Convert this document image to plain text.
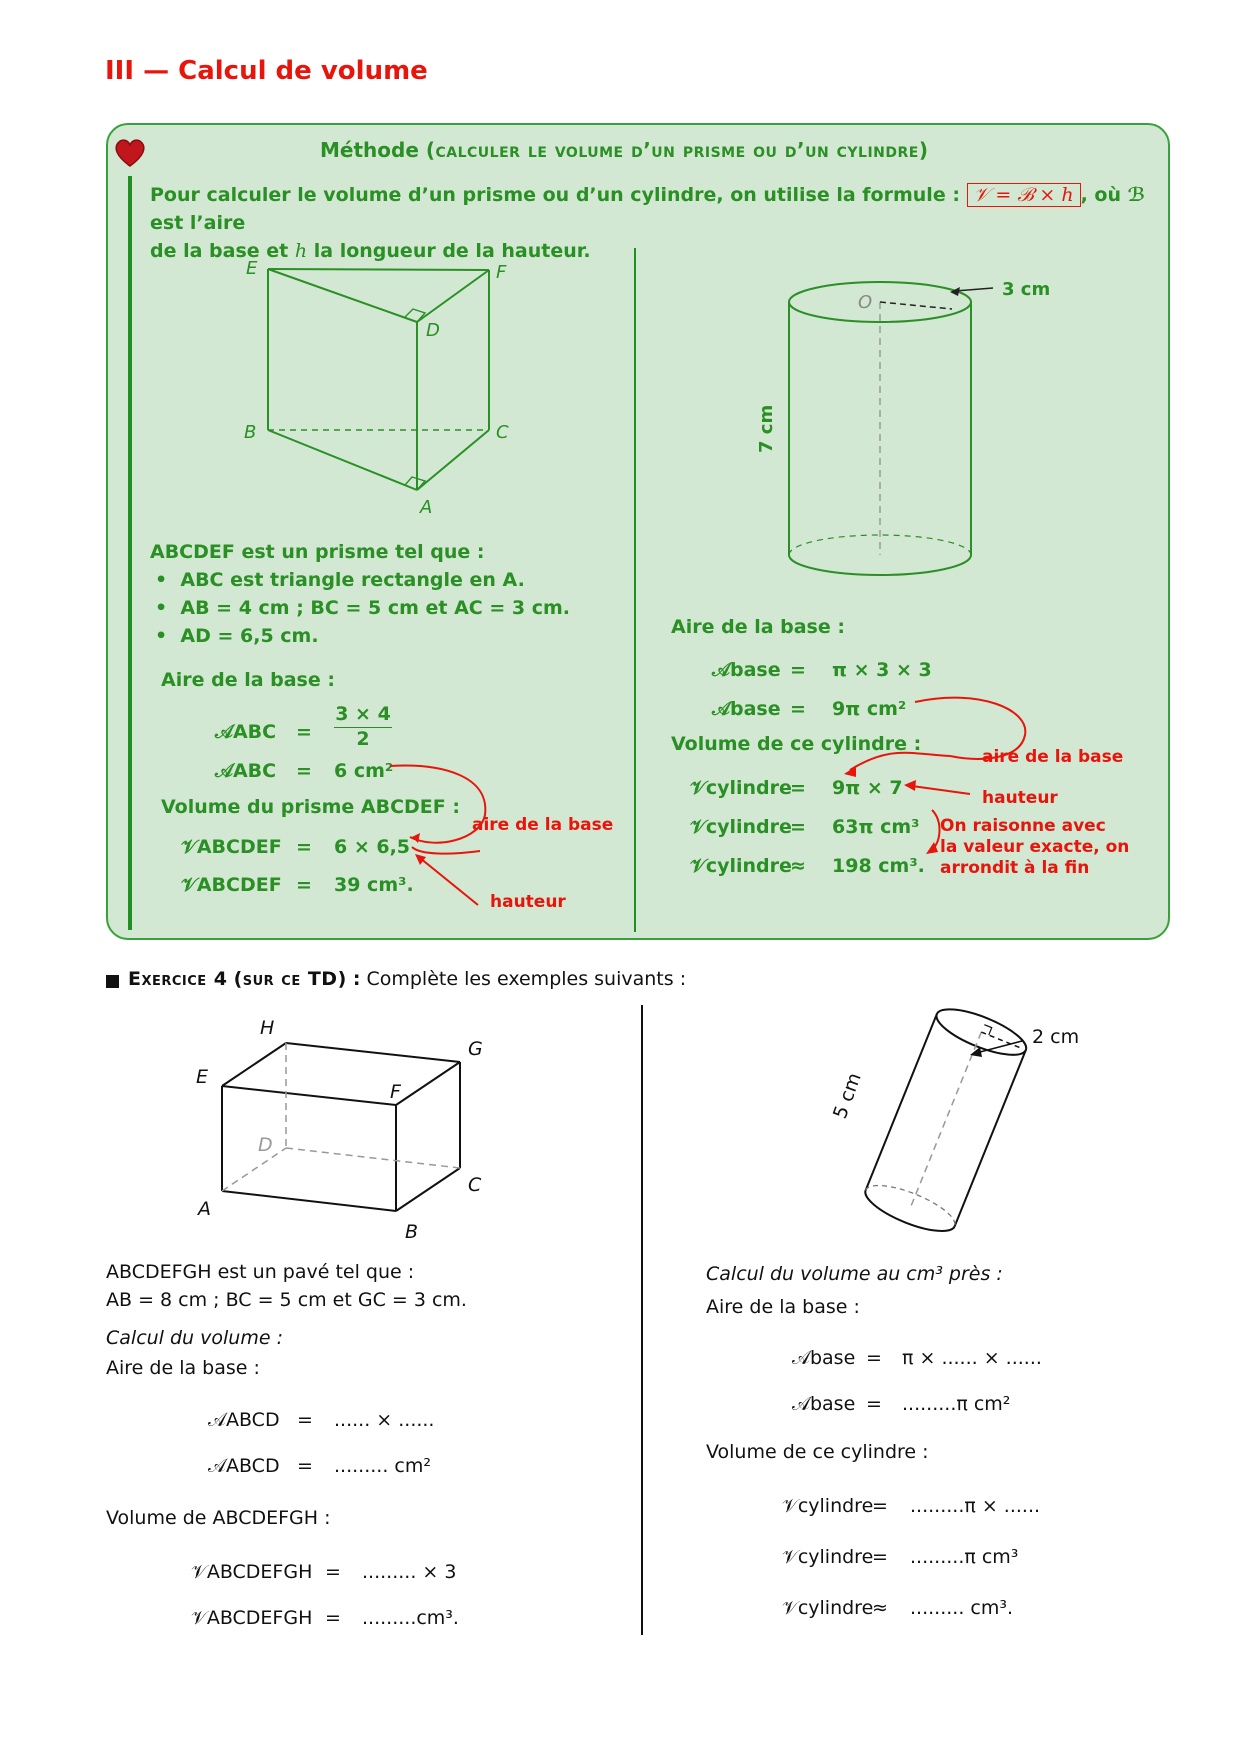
III — Calcul de volume
Méthode (calculer le volume d’un prisme ou d’un cylindre)
Pour calculer le volume d’un prisme ou d’un cylindre, on utilise la formule : 𝒱 = ℬ × h , où ℬ est l’aire
de la base et h la longueur de la hauteur.
E	F
D
B	C
A
ABCDEF est un prisme tel que :
•  ABC est triangle rectangle en A.
•  AB = 4 cm ; BC = 5 cm et AC = 3 cm.
•  AD = 6,5 cm.
Aire de la base :
𝒜ABC = $\frac{3 \times 4}{2}$
𝒜ABC = 6 cm²
Volume du prisme ABCDEF :
𝒱ABCDEF = 6 × 6,5
𝒱ABCDEF = 39 cm³.
aire de la base
hauteur
O
3 cm
7 cm
Aire de la base :
𝒜base = π × 3 × 3
𝒜base = 9π cm²
Volume de ce cylindre :
𝒱cylindre
= 9π × 7
𝒱cylindre
= 63π cm³
𝒱cylindre
≈ 198 cm³.
aire de la base
hauteur
On raisonne avec
la valeur exacte, on
arrondit à la fin
Exercice 4 (sur ce TD) : Complète les exemples suivants :
H
G
E
F
D
C
A
B
ABCDEFGH est un pavé tel que :
AB = 8 cm ; BC = 5 cm et GC = 3 cm.
Calcul du volume :
Aire de la base :
𝒜ABCD = ...... × ......
𝒜ABCD = ......... cm²
Volume de ABCDEFGH :
𝒱ABCDEFGH = ......... × 3
𝒱ABCDEFGH = .........cm³.
2 cm
5 cm
Calcul du volume au cm³ près :
Aire de la base :
𝒜base = π × ...... × ......
𝒜base = .........π cm²
Volume de ce cylindre :
𝒱cylindre
= .........π × ......
𝒱cylindre
= .........π cm³
𝒱cylindre
≈ ......... cm³.
